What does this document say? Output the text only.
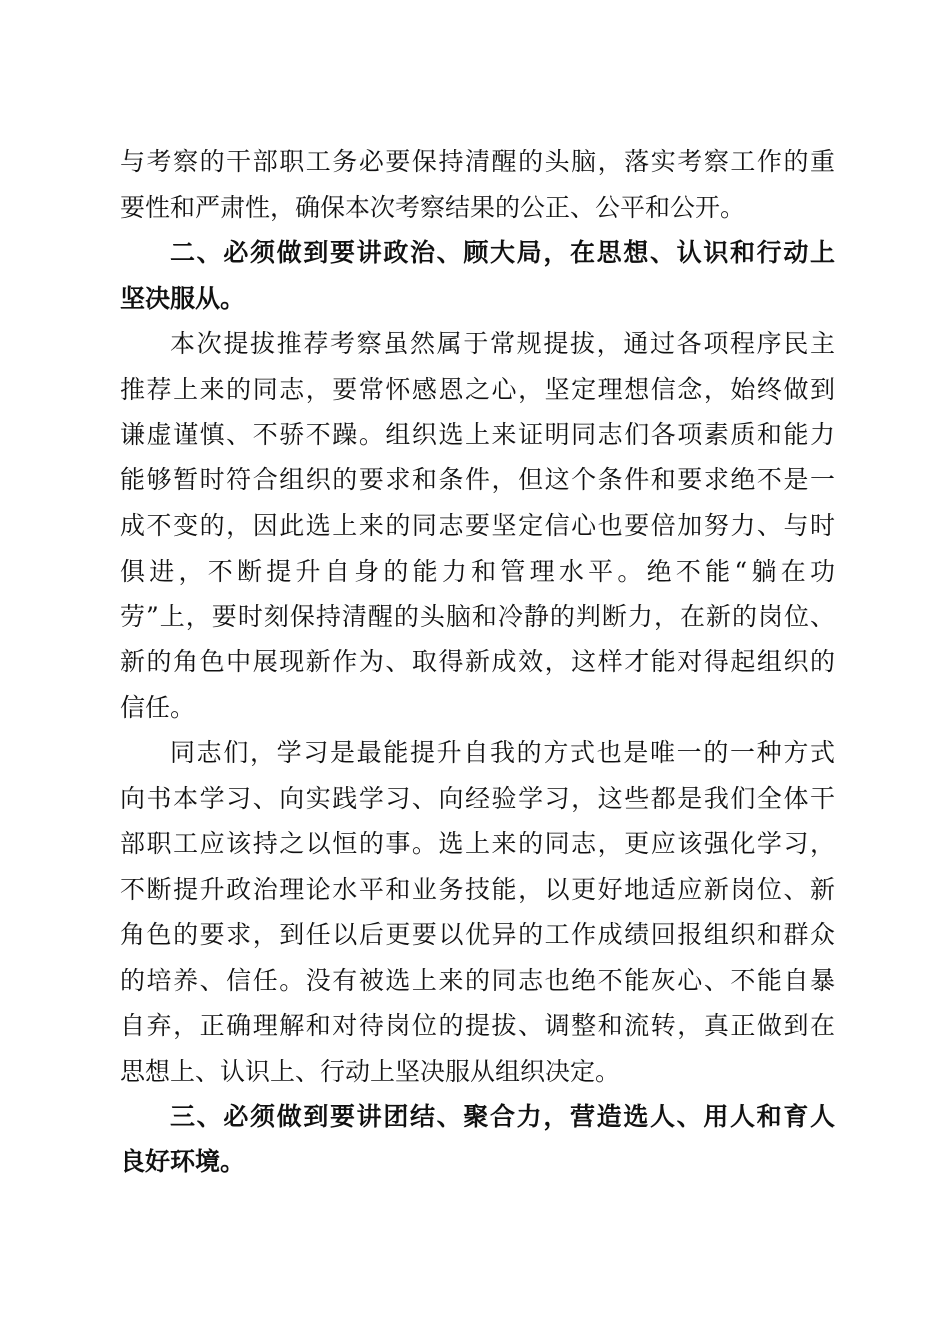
与考察的干部职工务必要保持清醒的头脑，落实考察工作的重
要性和严肃性，确保本次考察结果的公正、公平和公开。
二、必须做到要讲政治、顾大局，在思想、认识和行动上
坚决服从。
本次提拔推荐考察虽然属于常规提拔，通过各项程序民主
推荐上来的同志，要常怀感恩之心，坚定理想信念，始终做到
谦虚谨慎、不骄不躁。组织选上来证明同志们各项素质和能力
能够暂时符合组织的要求和条件，但这个条件和要求绝不是一
成不变的，因此选上来的同志要坚定信心也要倍加努力、与时
俱进，不断提升自身的能力和管理水平。绝不能“躺在功
劳”上，要时刻保持清醒的头脑和冷静的判断力，在新的岗位、
新的角色中展现新作为、取得新成效，这样才能对得起组织的
信任。
同志们，学习是最能提升自我的方式也是唯一的一种方式
向书本学习、向实践学习、向经验学习，这些都是我们全体干
部职工应该持之以恒的事。选上来的同志，更应该强化学习，
不断提升政治理论水平和业务技能，以更好地适应新岗位、新
角色的要求，到任以后更要以优异的工作成绩回报组织和群众
的培养、信任。没有被选上来的同志也绝不能灰心、不能自暴
自弃，正确理解和对待岗位的提拔、调整和流转，真正做到在
思想上、认识上、行动上坚决服从组织决定。
三、必须做到要讲团结、聚合力，营造选人、用人和育人
良好环境。
